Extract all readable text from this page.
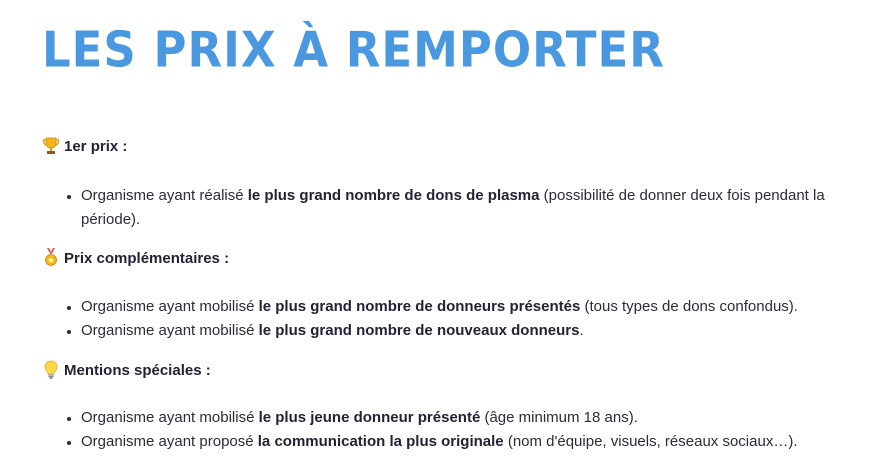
LES PRIX À REMPORTER
1er prix :
• Organisme ayant réalisé le plus grand nombre de dons de plasma (possibilité de donner deux fois pendant la période).
Prix complémentaires :
• Organisme ayant mobilisé le plus grand nombre de donneurs présentés (tous types de dons confondus).
• Organisme ayant mobilisé le plus grand nombre de nouveaux donneurs.
Mentions spéciales :
• Organisme ayant mobilisé le plus jeune donneur présenté (âge minimum 18 ans).
• Organisme ayant proposé la communication la plus originale (nom d'équipe, visuels, réseaux sociaux…).
